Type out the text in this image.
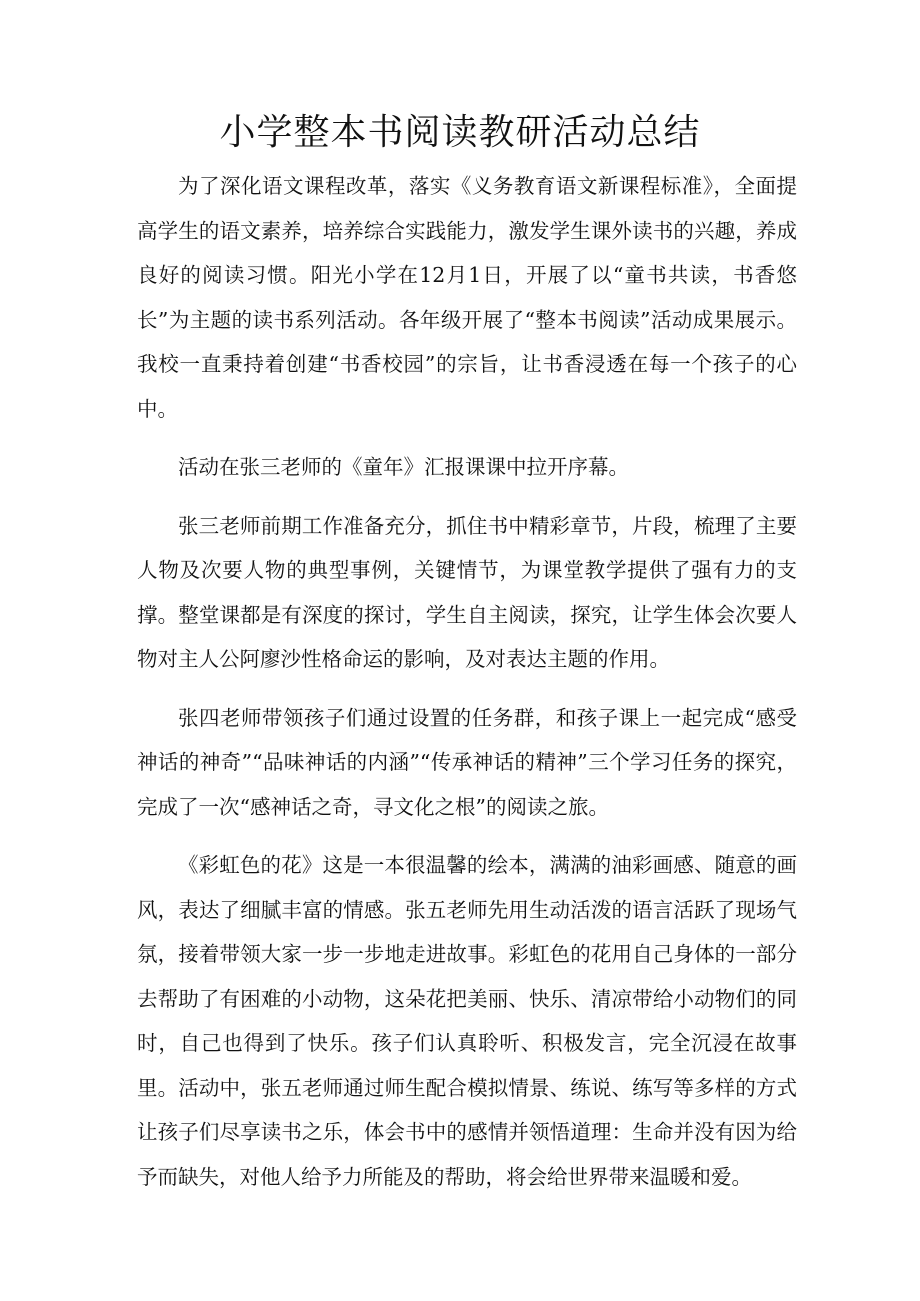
小学整本书阅读教研活动总结

为了深化语文课程改革，落实《义务教育语文新课程标准》，全面提高学生的语文素养，培养综合实践能力，激发学生课外读书的兴趣，养成良好的阅读习惯。阳光小学在12月1日，开展了以“童书共读，书香悠长”为主题的读书系列活动。各年级开展了“整本书阅读”活动成果展示。我校一直秉持着创建“书香校园”的宗旨，让书香浸透在每一个孩子的心中。

活动在张三老师的《童年》汇报课课中拉开序幕。

张三老师前期工作准备充分，抓住书中精彩章节，片段，梳理了主要人物及次要人物的典型事例，关键情节，为课堂教学提供了强有力的支撑。整堂课都是有深度的探讨，学生自主阅读，探究，让学生体会次要人物对主人公阿廖沙性格命运的影响，及对表达主题的作用。

张四老师带领孩子们通过设置的任务群，和孩子课上一起完成“感受神话的神奇”“品味神话的内涵”“传承神话的精神”三个学习任务的探究，完成了一次“感神话之奇，寻文化之根”的阅读之旅。

《彩虹色的花》这是一本很温馨的绘本，满满的油彩画感、随意的画风，表达了细腻丰富的情感。张五老师先用生动活泼的语言活跃了现场气氛，接着带领大家一步一步地走进故事。彩虹色的花用自己身体的一部分去帮助了有困难的小动物，这朵花把美丽、快乐、清凉带给小动物们的同时，自己也得到了快乐。孩子们认真聆听、积极发言，完全沉浸在故事里。活动中，张五老师通过师生配合模拟情景、练说、练写等多样的方式让孩子们尽享读书之乐，体会书中的感情并领悟道理：生命并没有因为给予而缺失，对他人给予力所能及的帮助，将会给世界带来温暖和爱。
